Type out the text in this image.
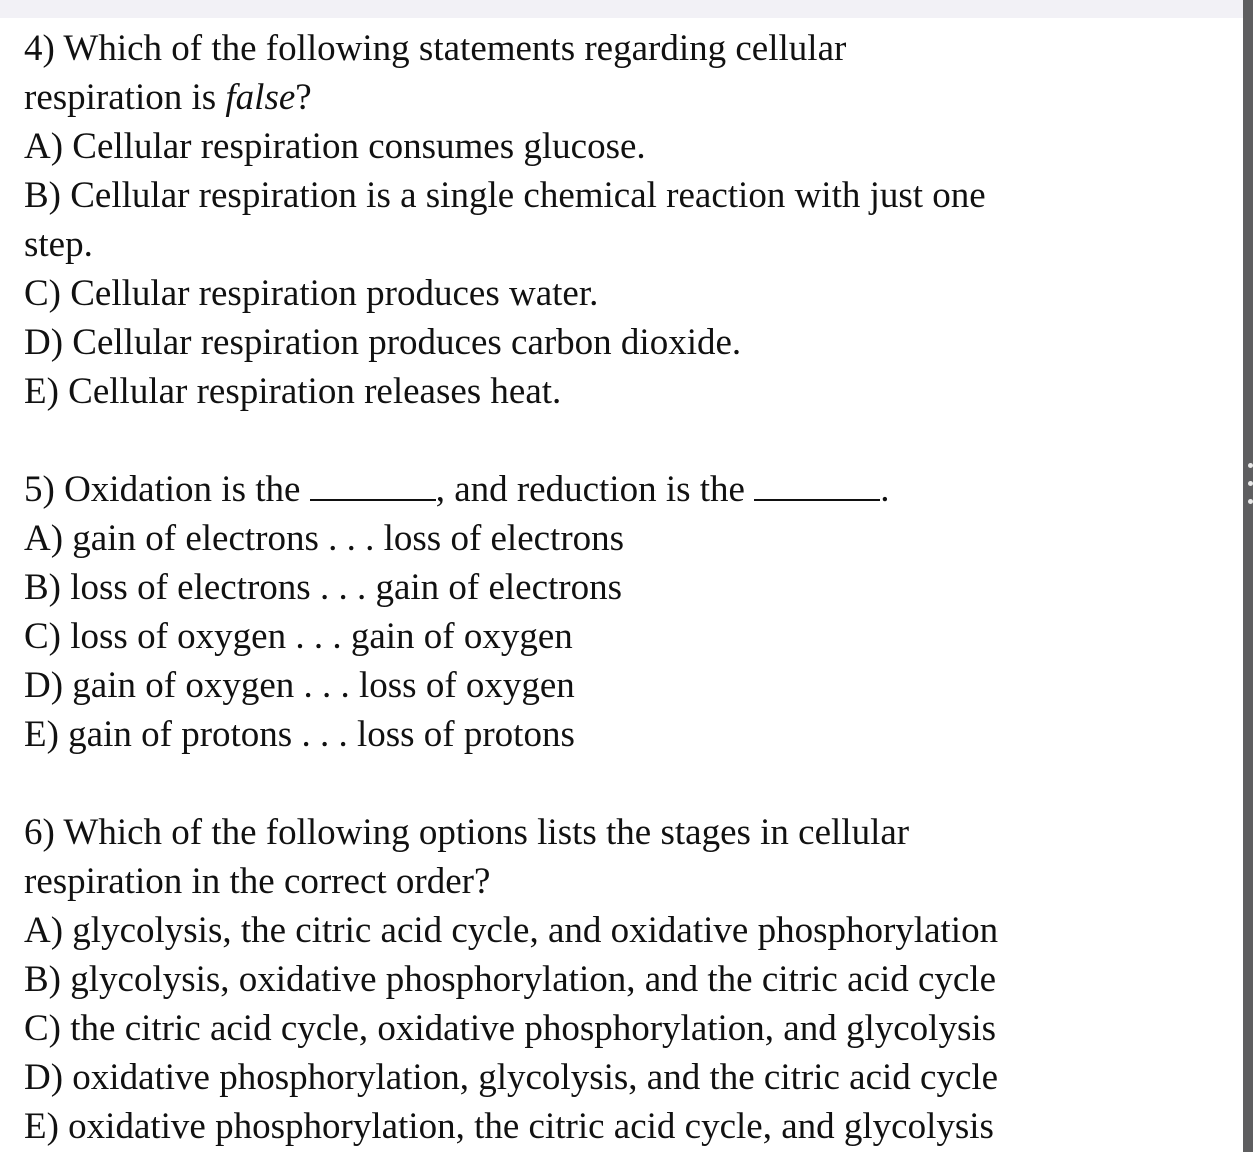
4) Which of the following statements regarding cellular
respiration is false?
A) Cellular respiration consumes glucose.
B) Cellular respiration is a single chemical reaction with just one
step.
C) Cellular respiration produces water.
D) Cellular respiration produces carbon dioxide.
E) Cellular respiration releases heat.
5) Oxidation is the	, and reduction is the	.
A) gain of electrons . . . loss of electrons
B) loss of electrons . . . gain of electrons
C) loss of oxygen . . . gain of oxygen
D) gain of oxygen . . . loss of oxygen
E) gain of protons . . . loss of protons
6) Which of the following options lists the stages in cellular
respiration in the correct order?
A) glycolysis, the citric acid cycle, and oxidative phosphorylation
B) glycolysis, oxidative phosphorylation, and the citric acid cycle
C) the citric acid cycle, oxidative phosphorylation, and glycolysis
D) oxidative phosphorylation, glycolysis, and the citric acid cycle
E) oxidative phosphorylation, the citric acid cycle, and glycolysis
